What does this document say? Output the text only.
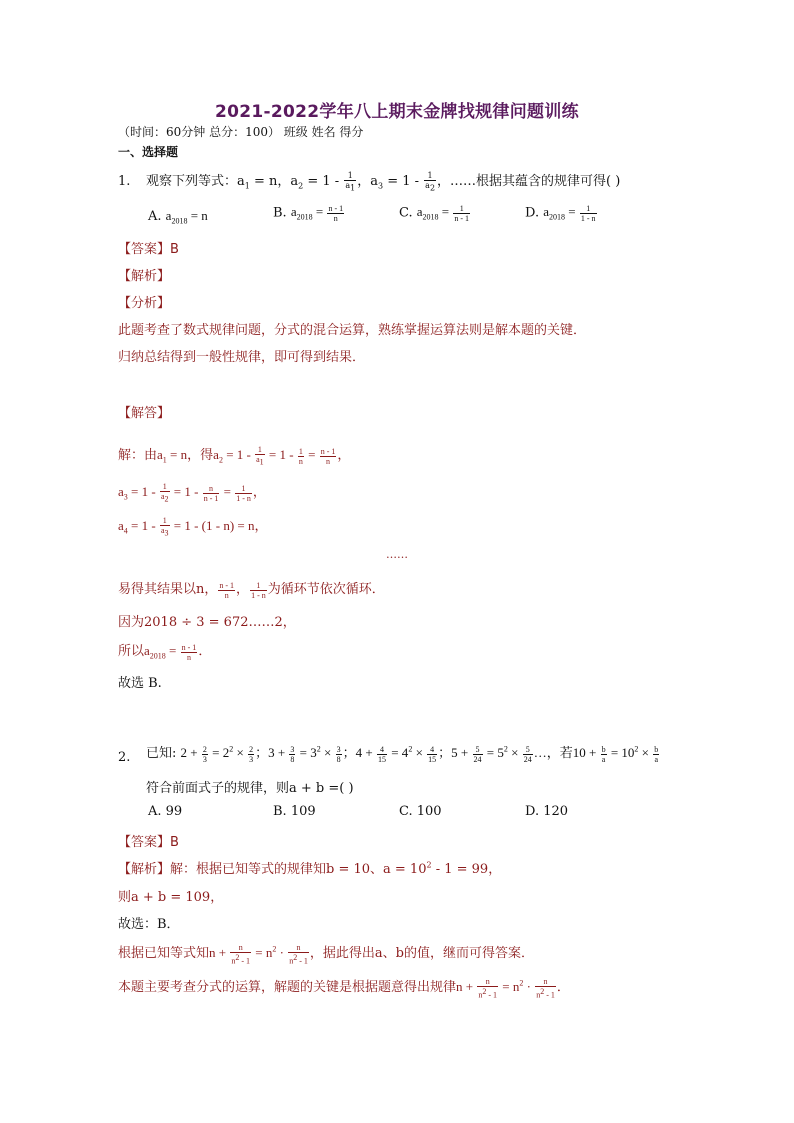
2021-2022学年八上期末金牌找规律问题训练
（时间：60分钟 总分：100） 班级 姓名 得分
一、选择题
1. 观察下列等式：$a_1 = n$，$a_2 = 1 - \frac{1}{a_1}$ ，$a_3 = 1 - \frac{1}{a_2}$ ，……根据其蕴含的规律可得( )
A. $a_{2018} = n$	B. $a_{2018} = \frac{n - 1}{n}$	C. $a_{2018} = \frac{1}{n - 1}$	D. $a_{2018} = \frac{1}{1 - n}$
【答案】B
【解析】
【分析】
此题考查了数式规律问题，分式的混合运算，熟练掌握运算法则是解本题的关键．
归纳总结得到一般性规律，即可得到结果．
【解答】
解：由$a_1 = n$，得$a_2 = 1 - \frac{1}{a_1} = 1 - \frac{1}{n} = \frac{n - 1}{n}$ ，
$a_3 = 1 - \frac{1}{a_2} = 1 - \frac{n}{n - 1} = \frac{1}{1 - n}$ ，
$a_4 = 1 - \frac{1}{a_3} = 1 - (1 - n) = n$，
……
易得其结果以n， $\frac{n - 1}{n}$ ， $\frac{1}{1 - n}$ 为循环节依次循环．
因为2018 ÷ 3 = 672……2，
所以$a_{2018} = \frac{n - 1}{n}$ ．
故选 B.
2. 已知: $2 + \frac{2}{3} = 2^2 \times \frac{2}{3}$ ；$3 + \frac{3}{8} = 3^2 \times \frac{3}{8}$ ；$4 + \frac{4}{15} = 4^2 \times \frac{4}{15}$ ；$5 + \frac{5}{24} = 5^2 \times \frac{5}{24}$ …，若$10 + \frac{b}{a} = 10^2 \times \frac{b}{a}$
符合前面式子的规律，则a + b =( )
A. 99	B. 109	C. 100	D. 120
【答案】B
【解析】解：根据已知等式的规律知b = 10、$a = 10^2 - 1 = 99$，
则a + b = 109，
故选：B．
根据已知等式知$n + \frac{n}{n^2 - 1} = n^2 \cdot \frac{n}{n^2 - 1}$ ，据此得出a、b的值，继而可得答案．
本题主要考查分式的运算，解题的关键是根据题意得出规律$n + \frac{n}{n^2 - 1} = n^2 \cdot \frac{n}{n^2 - 1}$ ．
